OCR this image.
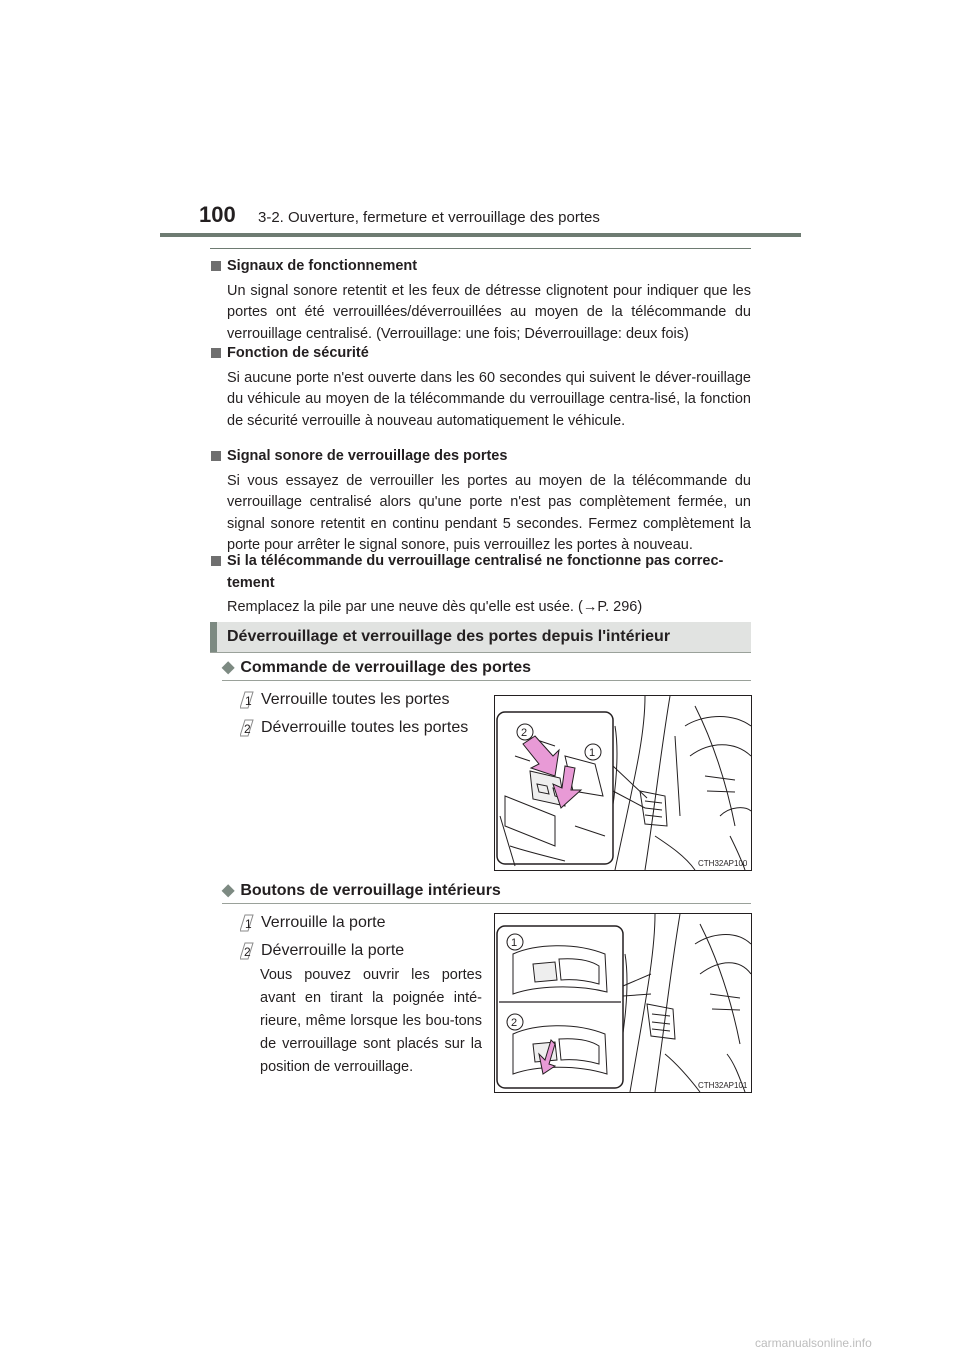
100 3-2. Ouverture, fermeture et verrouillage des portes
Signaux de fonctionnement
Un signal sonore retentit et les feux de détresse clignotent pour indiquer que les portes ont été verrouillées/déverrouillées au moyen de la télécommande du verrouillage centralisé. (Verrouillage: une fois; Déverrouillage: deux fois)
Fonction de sécurité
Si aucune porte n'est ouverte dans les 60 secondes qui suivent le déver-rouillage du véhicule au moyen de la télécommande du verrouillage centra-lisé, la fonction de sécurité verrouille à nouveau automatiquement le véhicule.
Signal sonore de verrouillage des portes
Si vous essayez de verrouiller les portes au moyen de la télécommande du verrouillage centralisé alors qu'une porte n'est pas complètement fermée, un signal sonore retentit en continu pendant 5 secondes. Fermez complètement la porte pour arrêter le signal sonore, puis verrouillez les portes à nouveau.
Si la télécommande du verrouillage centralisé ne fonctionne pas correc-tement
Remplacez la pile par une neuve dès qu'elle est usée. (→P. 296)
Déverrouillage et verrouillage des portes depuis l'intérieur
◆ Commande de verrouillage des portes
1 Verrouille toutes les portes
2 Déverrouille toutes les portes	2
1
CTH32AP100
◆ Boutons de verrouillage intérieurs
1 Verrouille la porte
2 Déverrouille la porte
Vous pouvez ouvrir les portes avant en tirant la poignée inté-rieure, même lorsque les bou-tons de verrouillage sont placés sur la position de verrouillage.
1
2
CTH32AP101
carmanualsonline.info
